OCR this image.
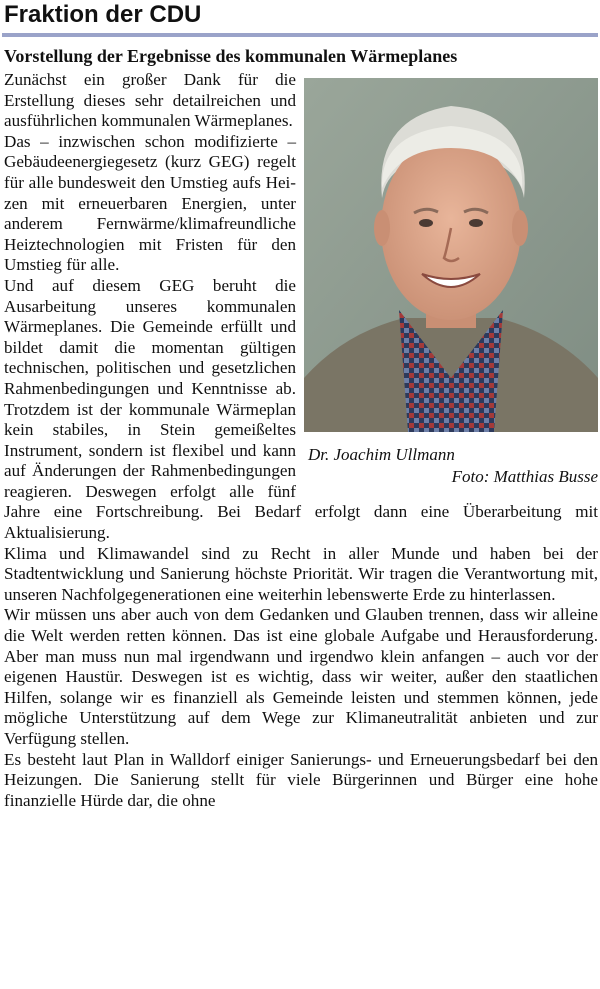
Fraktion der CDU
Vorstellung der Ergebnisse des kommunalen Wärmeplanes
Dr. Joachim Ullmann
Foto: Matthias Busse

Zunächst ein großer Dank für die Erstellung dieses sehr detailreichen und ausführlichen kommunalen Wärmeplanes.

Das – inzwischen schon modifizierte – Gebäudeenergiegesetz (kurz GEG) regelt für alle bundesweit den Umstieg aufs Heizen mit erneuerbaren Energien, unter anderem Fernwärme/klimafreundliche Heiztechnologien mit Fristen für den Umstieg für alle.

Und auf diesem GEG beruht die Ausarbeitung unseres kommunalen Wärmeplanes. Die Gemeinde erfüllt und bildet damit die momentan gültigen technischen, politischen und gesetzlichen Rahmenbedingungen und Kenntnisse ab. Trotzdem ist der kommunale Wärmeplan kein stabiles, in Stein gemeißeltes Instrument, sondern ist flexibel und kann auf Änderungen der Rahmenbedingungen reagieren. Deswegen erfolgt alle fünf Jahre eine Fortschreibung. Bei Bedarf erfolgt dann eine Überarbeitung mit Aktualisierung.

Klima und Klimawandel sind zu Recht in aller Munde und haben bei der Stadtentwicklung und Sanierung höchste Priorität. Wir tragen die Verantwortung mit, unseren Nachfolgegenerationen eine weiterhin lebenswerte Erde zu hinterlassen.

Wir müssen uns aber auch von dem Gedanken und Glauben trennen, dass wir alleine die Welt werden retten können. Das ist eine globale Aufgabe und Herausforderung. Aber man muss nun mal irgendwann und irgendwo klein anfangen – auch vor der eigenen Haustür. Deswegen ist es wichtig, dass wir weiter, außer den staatlichen Hilfen, solange wir es finanziell als Gemeinde leisten und stemmen können, jede mögliche Unterstützung auf dem Wege zur Klimaneutralität anbieten und zur Verfügung stellen.

Es besteht laut Plan in Walldorf einiger Sanierungs- und Erneuerungsbedarf bei den Heizungen. Die Sanierung stellt für viele Bürgerinnen und Bürger eine hohe finanzielle Hürde dar, die ohne
